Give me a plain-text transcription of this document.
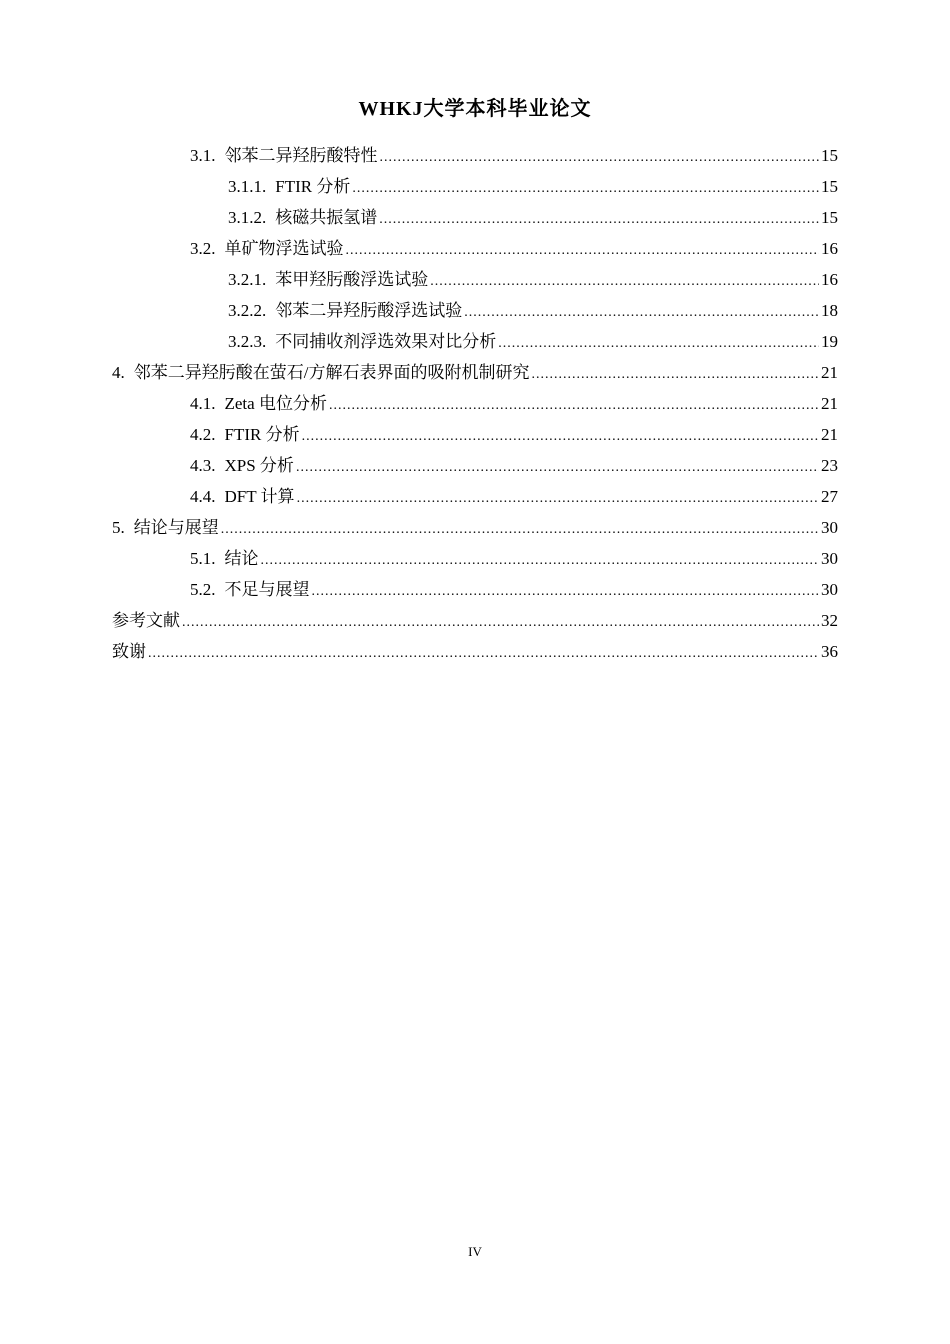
WHKJ大学本科毕业论文
3.1. 邻苯二异羟肟酸特性 .....	15
3.1.1. FTIR 分析 .....	15
3.1.2. 核磁共振氢谱 .....	15
3.2. 单矿物浮选试验 .....	16
3.2.1. 苯甲羟肟酸浮选试验 .....	16
3.2.2. 邻苯二异羟肟酸浮选试验 .....	18
3.2.3. 不同捕收剂浮选效果对比分析 .....	19
4. 邻苯二异羟肟酸在萤石/方解石表界面的吸附机制研究 .....	21
4.1. Zeta 电位分析 .....	21
4.2. FTIR 分析 .....	21
4.3. XPS 分析 .....	23
4.4. DFT 计算 .....	27
5. 结论与展望 .....	30
5.1. 结论 .....	30
5.2. 不足与展望 .....	30
参考文献 .....	32
致谢 .....	36
IV
